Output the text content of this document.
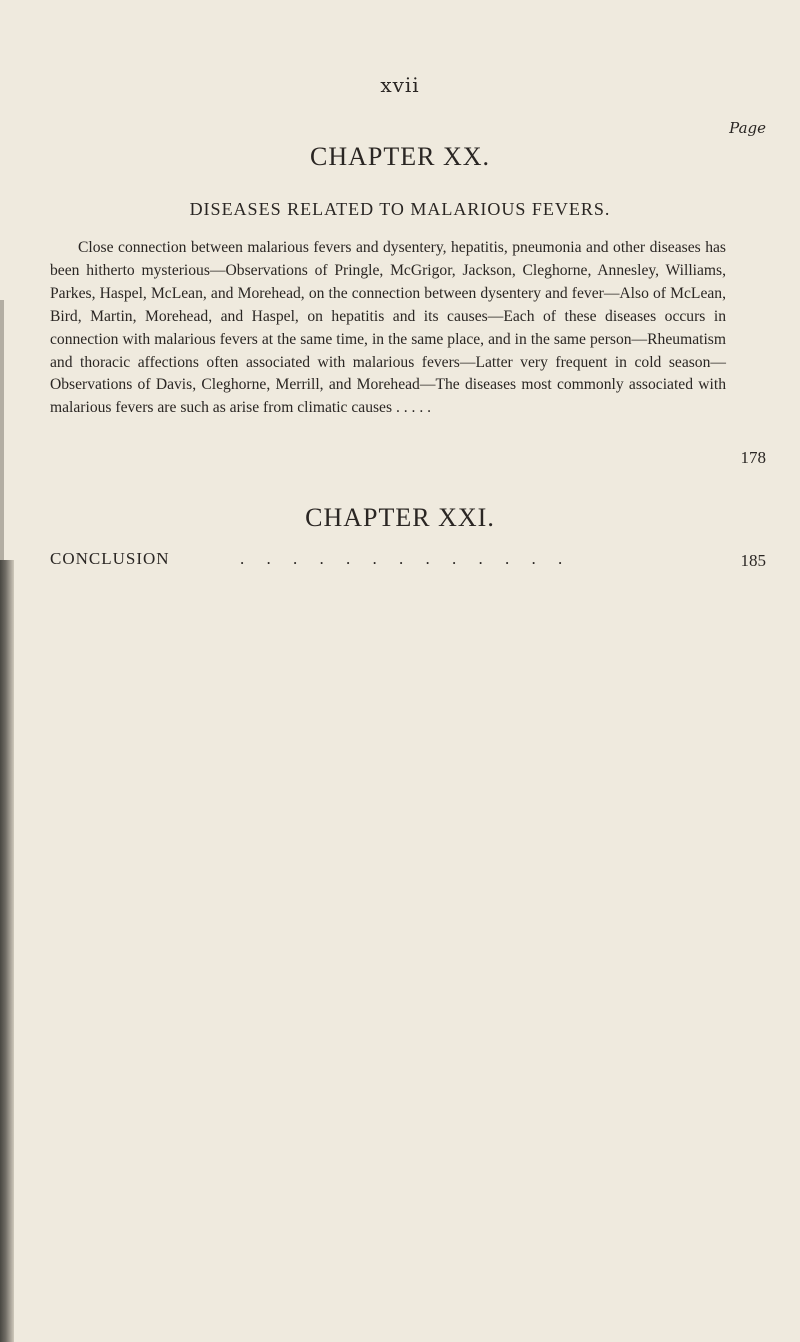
xvii
Page
CHAPTER XX.
DISEASES RELATED TO MALARIOUS FEVERS.
Close connection between malarious fevers and dysentery, hepatitis, pneumonia and other diseases has been hitherto mysterious—Observations of Pringle, McGrigor, Jackson, Cleghorne, Annesley, Williams, Parkes, Haspel, McLean, and Morehead, on the connection between dysentery and fever—Also of McLean, Bird, Martin, Morehead, and Haspel, on hepatitis and its causes—Each of these diseases occurs in connection with malarious fevers at the same time, in the same place, and in the same person—Rheumatism and thoracic affections often associated with malarious fevers—Latter very frequent in cold season—Observations of Davis, Cleghorne, Merrill, and Morehead—The diseases most commonly associated with malarious fevers are such as arise from climatic causes . . . . .
178
CHAPTER XXI.
CONCLUSION	. . . . . . . . . . . . .	185
